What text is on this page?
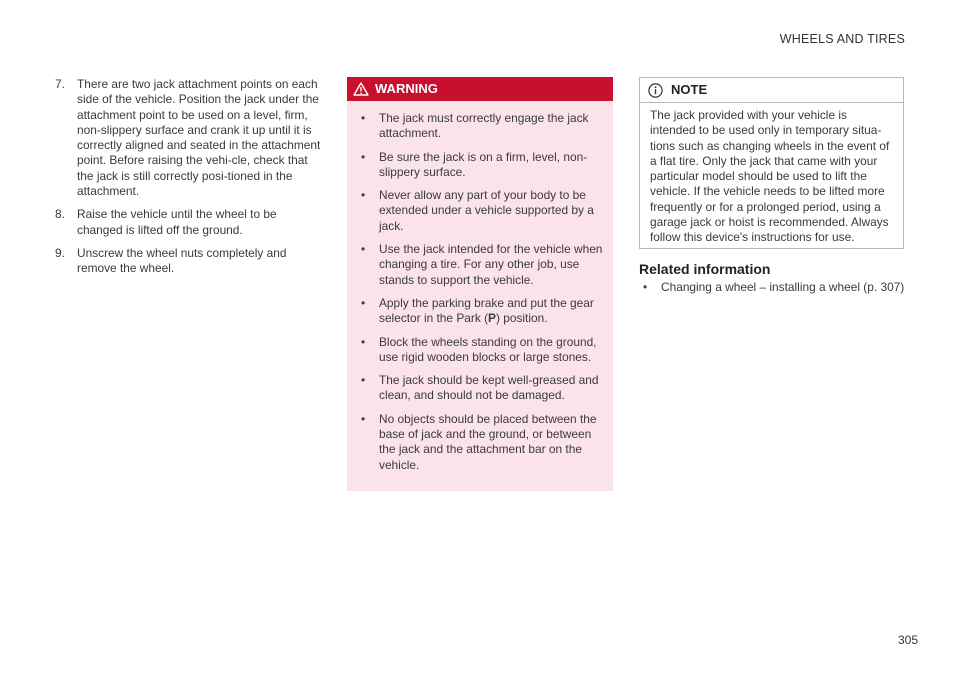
WHEELS AND TIRES
7. There are two jack attachment points on each side of the vehicle. Position the jack under the attachment point to be used on a level, firm, non-slippery surface and crank it up until it is correctly aligned and seated in the attachment point. Before raising the vehi-cle, check that the jack is still correctly posi-tioned in the attachment.
8. Raise the vehicle until the wheel to be changed is lifted off the ground.
9. Unscrew the wheel nuts completely and remove the wheel.
WARNING
• The jack must correctly engage the jack attachment.
• Be sure the jack is on a firm, level, non-slippery surface.
• Never allow any part of your body to be extended under a vehicle supported by a jack.
• Use the jack intended for the vehicle when changing a tire. For any other job, use stands to support the vehicle.
• Apply the parking brake and put the gear selector in the Park (P) position.
• Block the wheels standing on the ground, use rigid wooden blocks or large stones.
• The jack should be kept well-greased and clean, and should not be damaged.
• No objects should be placed between the base of jack and the ground, or between the jack and the attachment bar on the vehicle.
NOTE

The jack provided with your vehicle is intended to be used only in temporary situa-tions such as changing wheels in the event of a flat tire. Only the jack that came with your particular model should be used to lift the vehicle. If the vehicle needs to be lifted more frequently or for a prolonged period, using a garage jack or hoist is recommended. Always follow this device's instructions for use.

Related information
• Changing a wheel – installing a wheel (p. 307)
305
